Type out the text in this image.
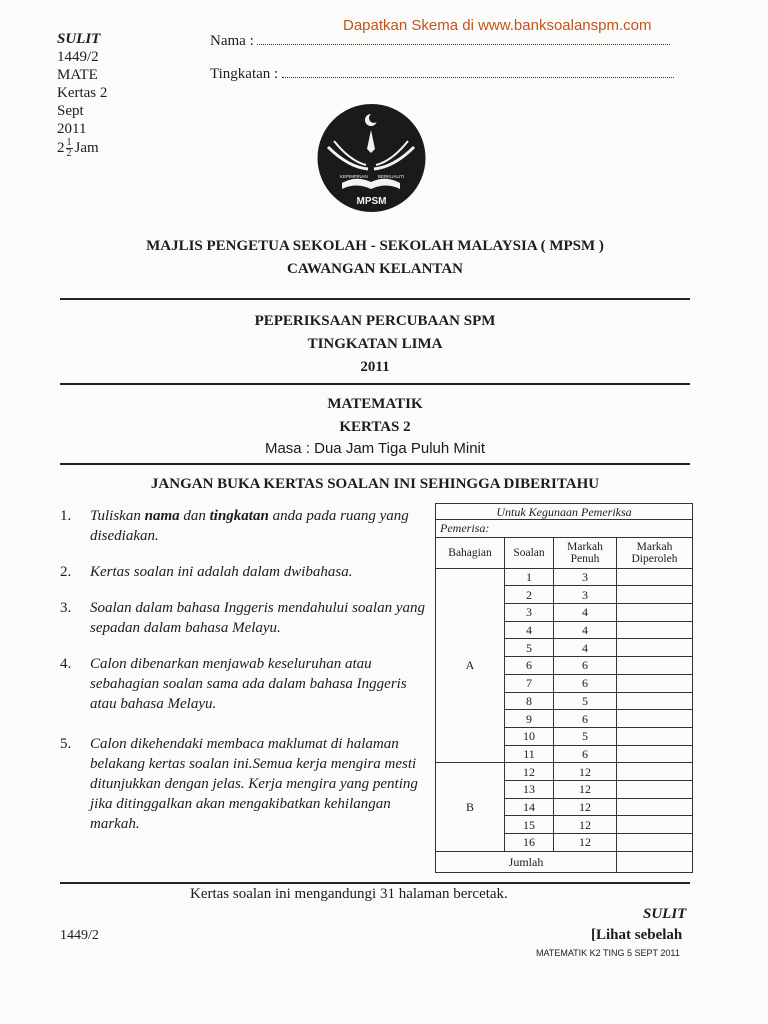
Dapatkan Skema di www.banksoalanspm.com
SULIT
1449/2
MATE
Kertas 2
Sept
2011
$2 \frac{1}{2}$ Jam
Nama :
Tingkatan :
KEPIMPINAN BERKUALITI
MPSM
MAJLIS PENGETUA SEKOLAH - SEKOLAH MALAYSIA ( MPSM )
CAWANGAN KELANTAN
PEPERIKSAAN PERCUBAAN SPM
TINGKATAN LIMA
2011
MATEMATIK
KERTAS 2
Masa : Dua Jam Tiga Puluh Minit
JANGAN BUKA KERTAS SOALAN INI SEHINGGA DIBERITAHU
1. Tuliskan nama dan tingkatan anda pada ruang yang disediakan.
2. Kertas soalan ini adalah dalam dwibahasa.
3. Soalan dalam bahasa Inggeris mendahului soalan yang sepadan dalam bahasa Melayu.
4. Calon dibenarkan menjawab keseluruhan atau sebahagian soalan sama ada dalam bahasa Inggeris atau bahasa Melayu.
5. Calon dikehendaki membaca maklumat di halaman belakang kertas soalan ini.Semua kerja mengira mesti ditunjukkan dengan jelas. Kerja mengira yang penting jika ditinggalkan akan mengakibatkan kehilangan markah.
Untuk Kegunaan Pemeriksa			
Pemerisa:			
Bahagian	Soalan	Markah Penuh	Markah Diperoleh
A	1	3	
	2	3	
	3	4	
	4	4	
	5	4	
	6	6	
	7	6	
	8	5	
	9	6	
	10	5	
	11	6	
B	12	12	
	13	12	
	14	12	
	15	12	
	16	12	
Jumlah			
Kertas soalan ini mengandungi 31 halaman bercetak.
1449/2
SULIT
[Lihat sebelah
MATEMATIK K2 TING 5 SEPT 2011
